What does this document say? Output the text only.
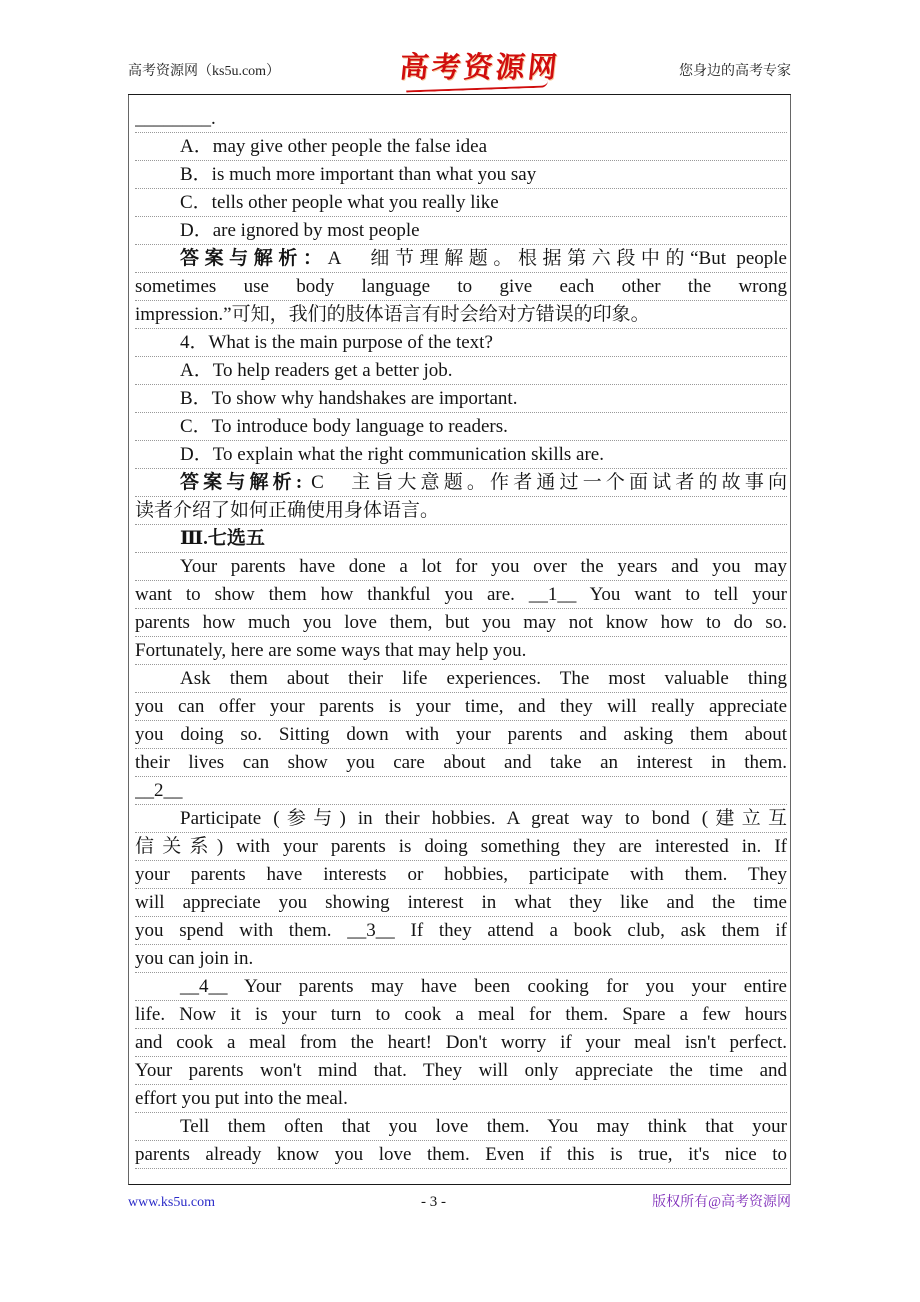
高考资源网（ks5u.com）	高考资源网	您身边的高考专家
________.
A．may give other people the false idea
B．is much more important than what you say
C．tells other people what you really like
D．are ignored by most people
答案与解析：A　细节理解题。根据第六段中的“But people
sometimes use body language to give each other the wrong
impression.”可知，我们的肢体语言有时会给对方错误的印象。
4．What is the main purpose of the text?
A．To help readers get a better job.
B．To show why handshakes are important.
C．To introduce body language to readers.
D．To explain what the right communication skills are.
答案与解析: C　主旨大意题。作者通过一个面试者的故事向
读者介绍了如何正确使用身体语言。
Ⅲ.七选五
Your parents have done a lot for you over the years and you may
want to show them how thankful you are. __1__ You want to tell your
parents how much you love them, but you may not know how to do so.
Fortunately, here are some ways that may help you.
Ask them about their life experiences. The most valuable thing
you can offer your parents is your time, and they will really appreciate
you doing so. Sitting down with your parents and asking them about
their lives can show you care about and take an interest in them.
__2__
Participate (参与) in their hobbies. A great way to bond (建立互
信关系) with your parents is doing something they are interested in. If
your parents have interests or hobbies, participate with them. They
will appreciate you showing interest in what they like and the time
you spend with them. __3__ If they attend a book club, ask them if
you can join in.
__4__ Your parents may have been cooking for you your entire
life. Now it is your turn to cook a meal for them. Spare a few hours
and cook a meal from the heart! Don't worry if your meal isn't perfect.
Your parents won't mind that. They will only appreciate the time and
effort you put into the meal.
Tell them often that you love them. You may think that your
parents already know you love them. Even if this is true, it's nice to
www.ks5u.com	- 3 -	版权所有@高考资源网
